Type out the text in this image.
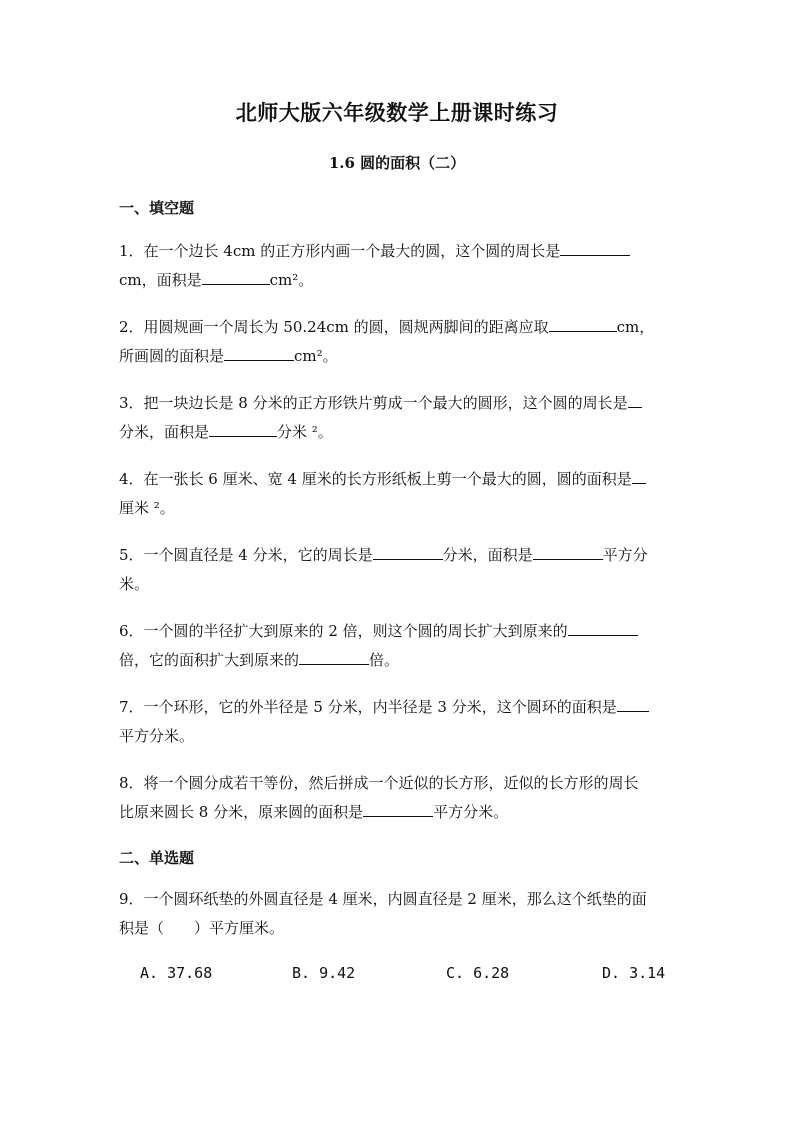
北师大版六年级数学上册课时练习
1.6 圆的面积（二）
一、填空题
1．在一个边长 4cm 的正方形内画一个最大的圆，这个圆的周长是
cm，面积是	cm²。
2．用圆规画一个周长为 50.24cm 的圆，圆规两脚间的距离应取	cm，
所画圆的面积是	cm²。
3．把一块边长是 8 分米的正方形铁片剪成一个最大的圆形，这个圆的周长是
分米，面积是	分米 ²。
4．在一张长 6 厘米、宽 4 厘米的长方形纸板上剪一个最大的圆，圆的面积是
厘米 ²。
5．一个圆直径是 4 分米，它的周长是	分米，面积是	平方分
米。
6．一个圆的半径扩大到原来的 2 倍，则这个圆的周长扩大到原来的
倍，它的面积扩大到原来的	倍。
7．一个环形，它的外半径是 5 分米，内半径是 3 分米，这个圆环的面积是
平方分米。
8．将一个圆分成若干等份，然后拼成一个近似的长方形，近似的长方形的周长
比原来圆长 8 分米，原来圆的面积是	平方分米。
二、单选题
9．一个圆环纸垫的外圆直径是 4 厘米，内圆直径是 2 厘米，那么这个纸垫的面
积是（　　）平方厘米。
A. 37.68	B. 9.42	C. 6.28	D. 3.14
